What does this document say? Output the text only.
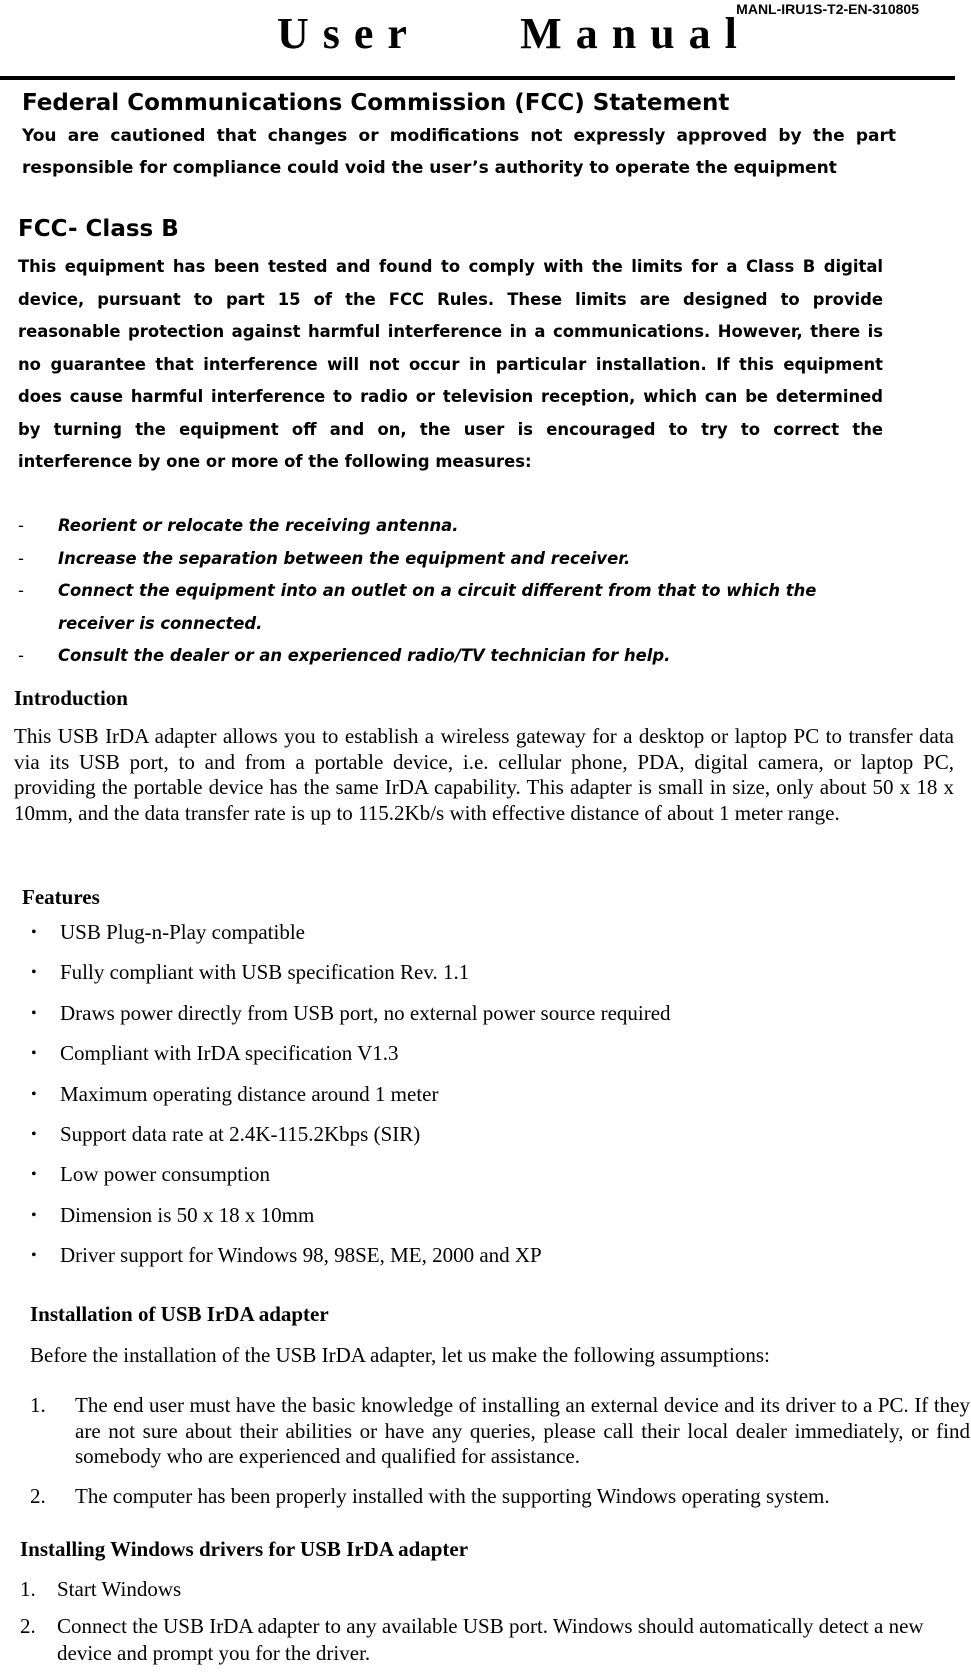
MANL-IRU1S-T2-EN-310805
User    Manual
Federal Communications Commission (FCC) Statement

You are cautioned that changes or modifications not expressly approved by the part responsible for compliance could void the user’s authority to operate the equipment

FCC- Class B

This equipment has been tested and found to comply with the limits for a Class B digital device, pursuant to part 15 of the FCC Rules. These limits are designed to provide reasonable protection against harmful interference in a communications. However, there is no guarantee that interference will not occur in particular installation. If this equipment does cause harmful interference to radio or television reception, which can be determined by turning the equipment off and on, the user is encouraged to try to correct the interference by one or more of the following measures:

- Reorient or relocate the receiving antenna.
- Increase the separation between the equipment and receiver.
- Connect the equipment into an outlet on a circuit different from that to which the receiver is connected.
- Consult the dealer or an experienced radio/TV technician for help.
Introduction

This USB IrDA adapter allows you to establish a wireless gateway for a desktop or laptop PC to transfer data via its USB port, to and from a portable device, i.e. cellular phone, PDA, digital camera, or laptop PC, providing the portable device has the same IrDA capability. This adapter is small in size, only about 50 x 18 x 10mm, and the data transfer rate is up to 115.2Kb/s with effective distance of about 1 meter range.

Features
• USB Plug-n-Play compatible
• Fully compliant with USB specification Rev. 1.1
• Draws power directly from USB port, no external power source required
• Compliant with IrDA specification V1.3
• Maximum operating distance around 1 meter
• Support data rate at 2.4K-115.2Kbps (SIR)
• Low power consumption
• Dimension is 50 x 18 x 10mm
• Driver support for Windows 98, 98SE, ME, 2000 and XP
Installation of USB IrDA adapter
Before the installation of the USB IrDA adapter, let us make the following assumptions:
1. The end user must have the basic knowledge of installing an external device and its driver to a PC. If they are not sure about their abilities or have any queries, please call their local dealer immediately, or find somebody who are experienced and qualified for assistance.
2. The computer has been properly installed with the supporting Windows operating system.
Installing Windows drivers for USB IrDA adapter
1. Start Windows
2. Connect the USB IrDA adapter to any available USB port. Windows should automatically detect a new device and prompt you for the driver.
